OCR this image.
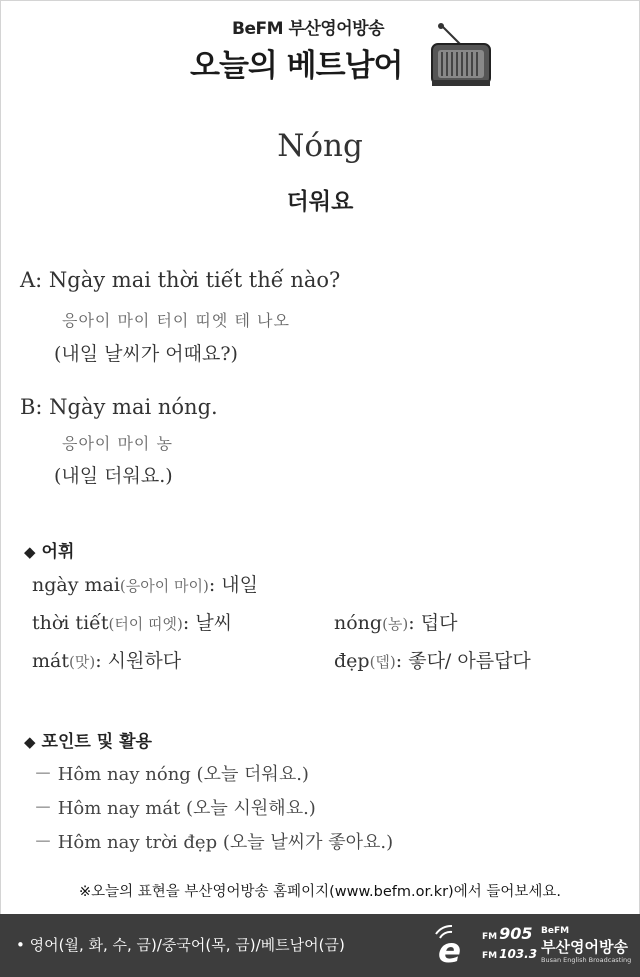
BeFM 부산영어방송
오늘의 베트남어
Nóng
더워요
A: Ngày mai thời tiết thế nào?
응아이 마이 터이 띠엣 테 나오
(내일 날씨가 어때요?)
B: Ngày mai nóng.
응아이 마이 농
(내일 더워요.)
◆ 어휘
ngày mai(응아이 마이): 내일
thời tiết(터이 띠엣): 날씨	nóng(농): 덥다
mát(맛): 시원하다	đẹp(뎁): 좋다/ 아름답다
◆ 포인트 및 활용
－ Hôm nay nóng (오늘 더워요.)
－ Hôm nay mát (오늘 시원해요.)
－ Hôm nay trời đẹp (오늘 날씨가 좋아요.)
※오늘의 표현을 부산영어방송 홈페이지(www.befm.or.kr)에서 들어보세요.
• 영어(월, 화, 수, 금)/중국어(목, 금)/베트남어(금)	e FM 905
FM 103.3
BeFM
부산영어방송
Busan English Broadcasting
